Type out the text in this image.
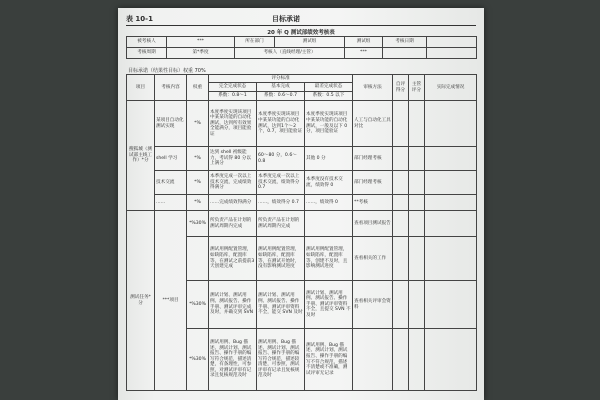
表 10-1	目标承诺
20 年 Q 测试部绩效考核表
被考核人	***	所在部门	测试组	测试组	考核日期	
考核周期	第*季度	考核人（直线经理/主管）		***		
目标承诺（结果性目标）权重 70%
项目	考核内容	权重	评分标准			审核方法	自评得分	主管评分	实际完成情况
			完全完成状态	基本完成	最差完成状态				
			系数：0.8～1	系数：0.6～0.7	系数：0.5 以下				
搜狐城（测试部主线工作）*分	某项目自动化测试实现	*%	本度季度实现该项目中某某功能的自动化测试，达到所有效果全能满分，项目能验证	本度季度实现该项目中某某功能的自动化测试，达到1个～2个，0.7，项目能验证	本度季度实现该项目中某某功能的自动化测试，一般及以下 0 分，项目能验证	人工与自动化工具对比			
	shell 学习	*%	达到 shell 初级能力，考试得 80 分以上满分	60～80 分，0.6～0.8	其他 0 分	部门经理考核			
	技术交流	*%	本季度完成一次以上技术交流，完成绩效得满分	本季度完成一次以上技术交流，绩效得分 0.7	本季度没有技术交流，绩效得 0	部门经理考核			
	……	*%	……完成绩效得满分	……，绩效得分 0.7	……，绩效得 0	**考核			
测试任务*分	***项目	*%30%	所负责产品在计划的测试周期内完成	所负责产品在计划的测试周期内完成		查看项目测试报告			
			测试用例配置管理，如缺陷库，配置库等，在测试之前提前3天创建完成	测试用例配置管理，如缺陷库，配置库等，在测试开始时，没有影响测试进度	测试用例配置管理，如缺陷库，配置库等，创建不及时，且影响测试进度	查看相关的工作			
		*%30%	测试计划、测试用例、测试报告、操作手册、测试评审完成及时，并确交到 SVN	测试计划、测试用例、测试报告、操作手册、测试评审资料不全，能交 SVN 及时	测试计划、测试用例、测试报告、操作手册、测试评审资料不全，且提交 SVN 不及时	查看相关评审会资料			
		*%30%	测试用例、Bug 描述、测试计划、测试报告、操作手册的编写符合规范，描述清楚，有条理性，可参照，对测试评审有记录且复核规范及时	测试用例、Bug 描述、测试计划、测试报告、操作手册的编写符合规范，描述较清楚，可参照，测试评审有记录且复核规范及时	测试用例、Bug 描述、测试计划、测试报告、操作手册的编写不符合规范，描述不清楚或不准确，测试评审无记录				
